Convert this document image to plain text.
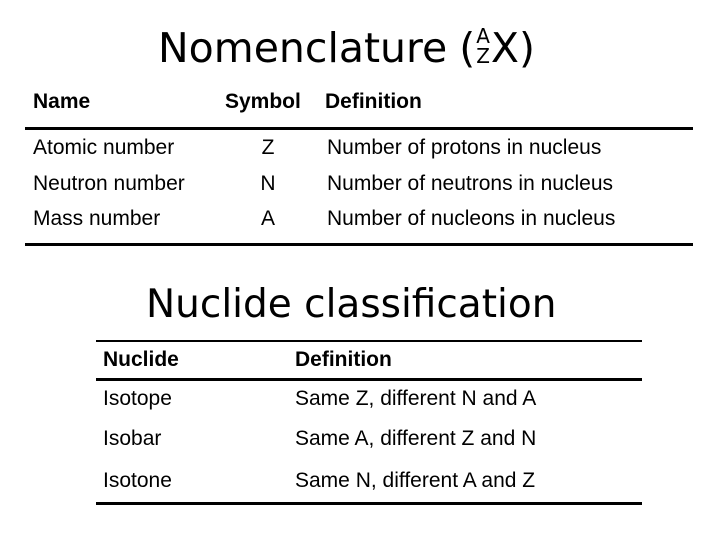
Nomenclature ( A
Z X )
Name	Symbol Definition
Atomic number	Z	Number of protons in nucleus
Neutron number	N	Number of neutrons in nucleus
Mass number	A	Number of nucleons in nucleus
Nuclide classification
Nuclide	Definition
Isotope	Same Z, different N and A
Isobar	Same A, different Z and N
Isotone	Same N, different A and Z
